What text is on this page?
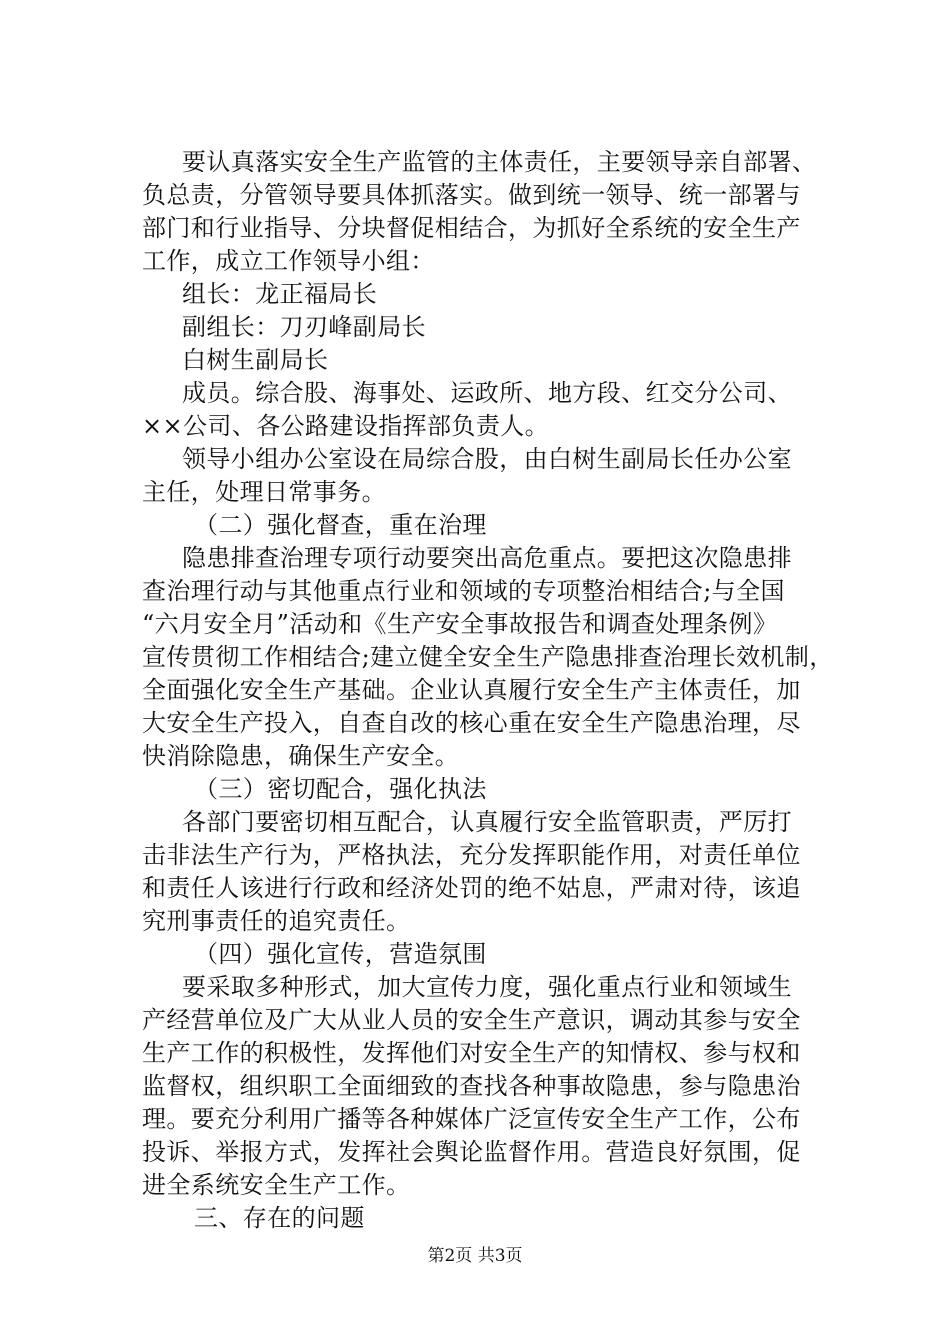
要认真落实安全生产监管的主体责任，主要领导亲自部署、
负总责，分管领导要具体抓落实。做到统一领导、统一部署与
部门和行业指导、分块督促相结合，为抓好全系统的安全生产
工作，成立工作领导小组：
组长：龙正福局长
副组长：刀刃峰副局长
白树生副局长
成员。综合股、海事处、运政所、地方段、红交分公司、
××公司、各公路建设指挥部负责人。
领导小组办公室设在局综合股，由白树生副局长任办公室
主任，处理日常事务。
（二）强化督查，重在治理
隐患排查治理专项行动要突出高危重点。要把这次隐患排
查治理行动与其他重点行业和领域的专项整治相结合;与全国
“六月安全月”活动和《生产安全事故报告和调查处理条例》
宣传贯彻工作相结合;建立健全安全生产隐患排查治理长效机制，
全面强化安全生产基础。企业认真履行安全生产主体责任，加
大安全生产投入，自查自改的核心重在安全生产隐患治理，尽
快消除隐患，确保生产安全。
（三）密切配合，强化执法
各部门要密切相互配合，认真履行安全监管职责，严厉打
击非法生产行为，严格执法，充分发挥职能作用，对责任单位
和责任人该进行行政和经济处罚的绝不姑息，严肃对待，该追
究刑事责任的追究责任。
（四）强化宣传，营造氛围
要采取多种形式，加大宣传力度，强化重点行业和领域生
产经营单位及广大从业人员的安全生产意识，调动其参与安全
生产工作的积极性，发挥他们对安全生产的知情权、参与权和
监督权，组织职工全面细致的查找各种事故隐患，参与隐患治
理。要充分利用广播等各种媒体广泛宣传安全生产工作，公布
投诉、举报方式，发挥社会舆论监督作用。营造良好氛围，促
进全系统安全生产工作。
三、存在的问题
第2页 共3页
